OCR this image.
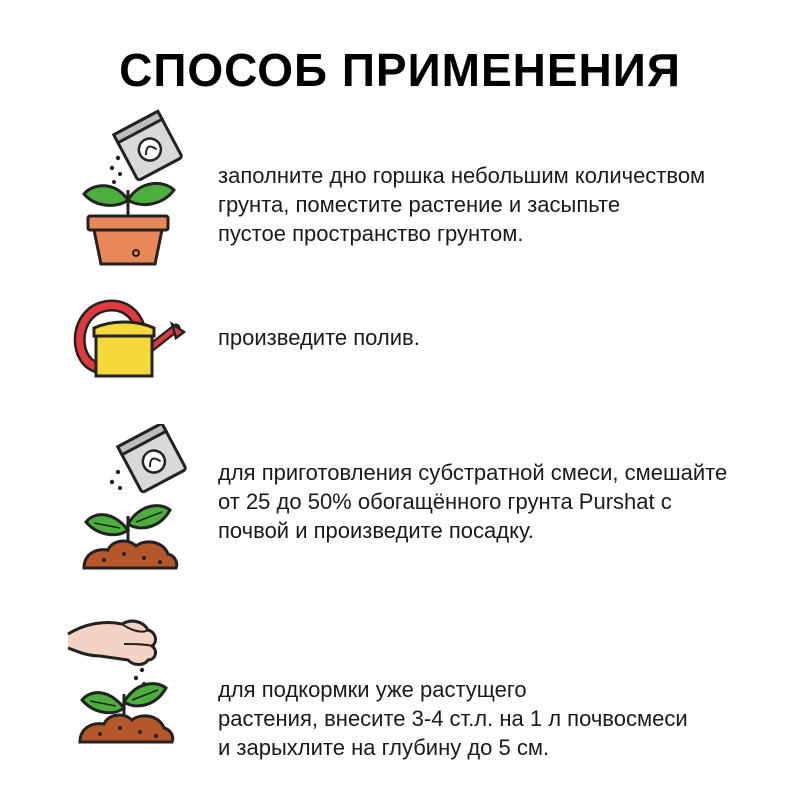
СПОСОБ ПРИМЕНЕНИЯ
заполните дно горшка небольшим количеством
грунта, поместите растение и засыпьте
пустое пространство грунтом.
произведите полив.
для приготовления субстратной смеси, смешайте
от 25 до 50% обогащённого грунта Purshat с
почвой и произведите посадку.
для подкормки уже растущего
растения, внесите 3-4 ст.л. на 1 л почвосмеси
и зарыхлите на глубину до 5 см.
